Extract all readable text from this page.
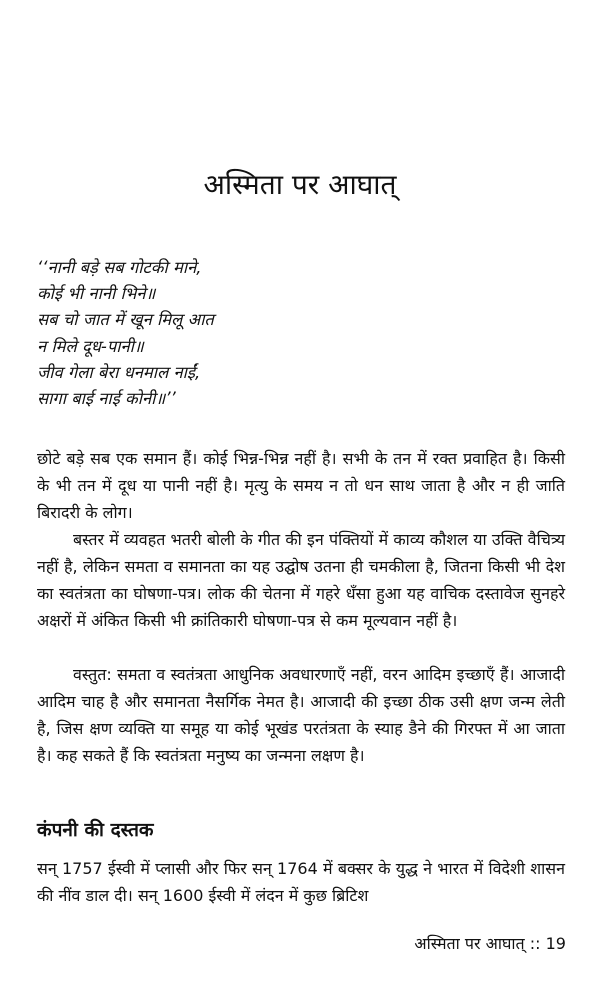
अस्मिता पर आघात्
‘‘नानी बड़े सब गोटकी माने,
कोई भी नानी भिने॥
सब चो जात में खून मिलू आत
न मिले दूध-पानी॥
जीव गेला बेरा धनमाल नाईं,
सागा बाई नाई कोनी॥’’

छोटे बड़े सब एक समान हैं। कोई भिन्न-भिन्न नहीं है। सभी के तन में रक्त प्रवाहित है। किसी के भी तन में दूध या पानी नहीं है। मृत्यु के समय न तो धन साथ जाता है और न ही जाति बिरादरी के लोग।

बस्तर में व्यवहत भतरी बोली के गीत की इन पंक्तियों में काव्य कौशल या उक्ति वैचित्र्य नहीं है, लेकिन समता व समानता का यह उद्घोष उतना ही चमकीला है, जितना किसी भी देश का स्वतंत्रता का घोषणा-पत्र। लोक की चेतना में गहरे धँसा हुआ यह वाचिक दस्तावेज सुनहरे अक्षरों में अंकित किसी भी क्रांतिकारी घोषणा-पत्र से कम मूल्यवान नहीं है।

वस्तुत: समता व स्वतंत्रता आधुनिक अवधारणाएँ नहीं, वरन आदिम इच्छाएँ हैं। आजादी आदिम चाह है और समानता नैसर्गिक नेमत है। आजादी की इच्छा ठीक उसी क्षण जन्म लेती है, जिस क्षण व्यक्ति या समूह या कोई भूखंड परतंत्रता के स्याह डैने की गिरफ्त में आ जाता है। कह सकते हैं कि स्वतंत्रता मनुष्य का जन्मना लक्षण है।

कंपनी की दस्तक

सन् 1757 ईस्वी में प्लासी और फिर सन् 1764 में बक्सर के युद्ध ने भारत में विदेशी शासन की नींव डाल दी। सन् 1600 ईस्वी में लंदन में कुछ ब्रिटिश

अस्मिता पर आघात् :: 19
